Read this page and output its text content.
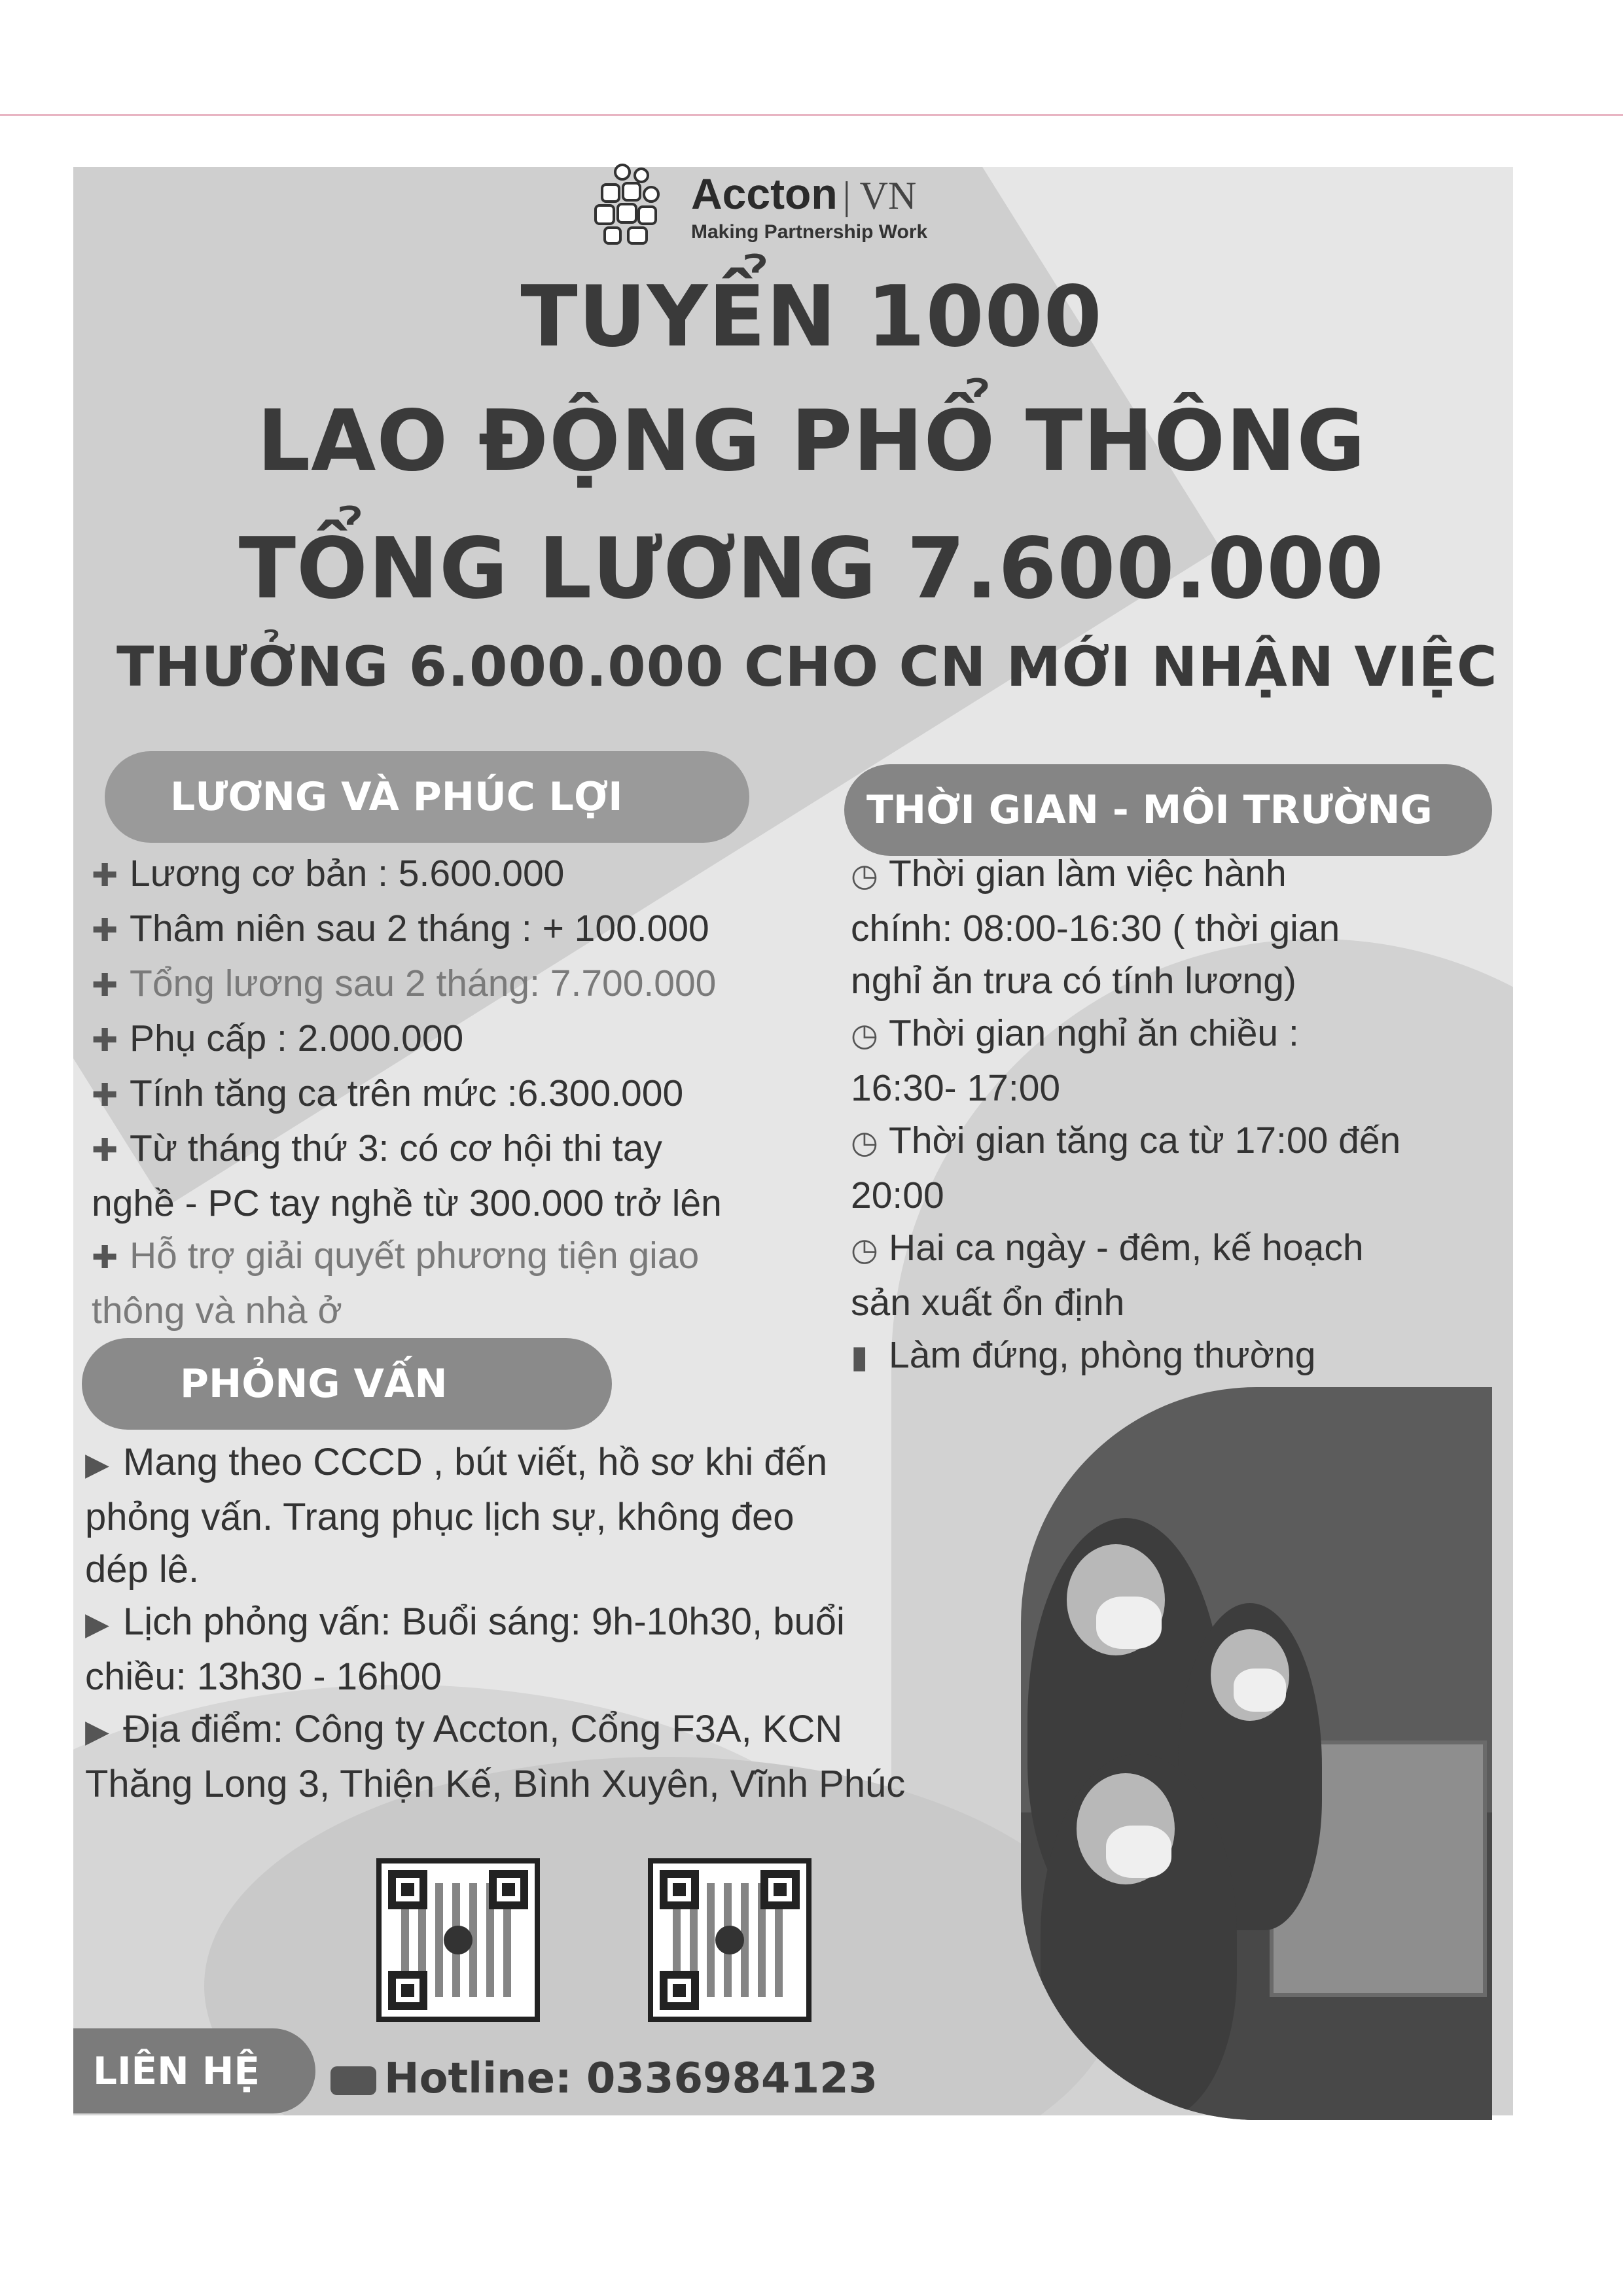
Accton | VN
Making Partnership Work
TUYỂN 1000
LAO ĐỘNG PHỔ THÔNG
TỔNG LƯƠNG 7.600.000
THƯỞNG 6.000.000 CHO CN MỚI NHẬN VIỆC
LƯƠNG VÀ PHÚC LỢI	THỜI GIAN - MÔI TRƯỜNG
✚ Lương cơ bản : 5.600.000
✚ Thâm niên sau 2 tháng : + 100.000
✚ Tổng lương sau 2 tháng: 7.700.000
✚ Phụ cấp : 2.000.000
✚ Tính tăng ca trên mức :6.300.000
✚ Từ tháng thứ 3: có cơ hội thi tay
nghề - PC tay nghề từ 300.000 trở lên
✚ Hỗ trợ giải quyết phương tiện giao
thông và nhà ở
◷ Thời gian làm việc hành
chính: 08:00-16:30 ( thời gian
nghỉ ăn trưa có tính lương)
◷ Thời gian nghỉ ăn chiều :
16:30- 17:00
◷ Thời gian tăng ca từ 17:00 đến
20:00
◷ Hai ca ngày - đêm, kế hoạch
sản xuất ổn định
▮ Làm đứng, phòng thường
PHỎNG VẤN
▶ Mang theo CCCD , bút viết, hồ sơ khi đến
phỏng vấn. Trang phục lịch sự, không đeo
dép lê.
▶ Lịch phỏng vấn: Buổi sáng: 9h-10h30, buổi
chiều: 13h30 - 16h00
▶ Địa điểm: Công ty Accton, Cổng F3A, KCN
Thăng Long 3, Thiện Kế, Bình Xuyên, Vĩnh Phúc
LIÊN HỆ	Hotline: 0336984123
